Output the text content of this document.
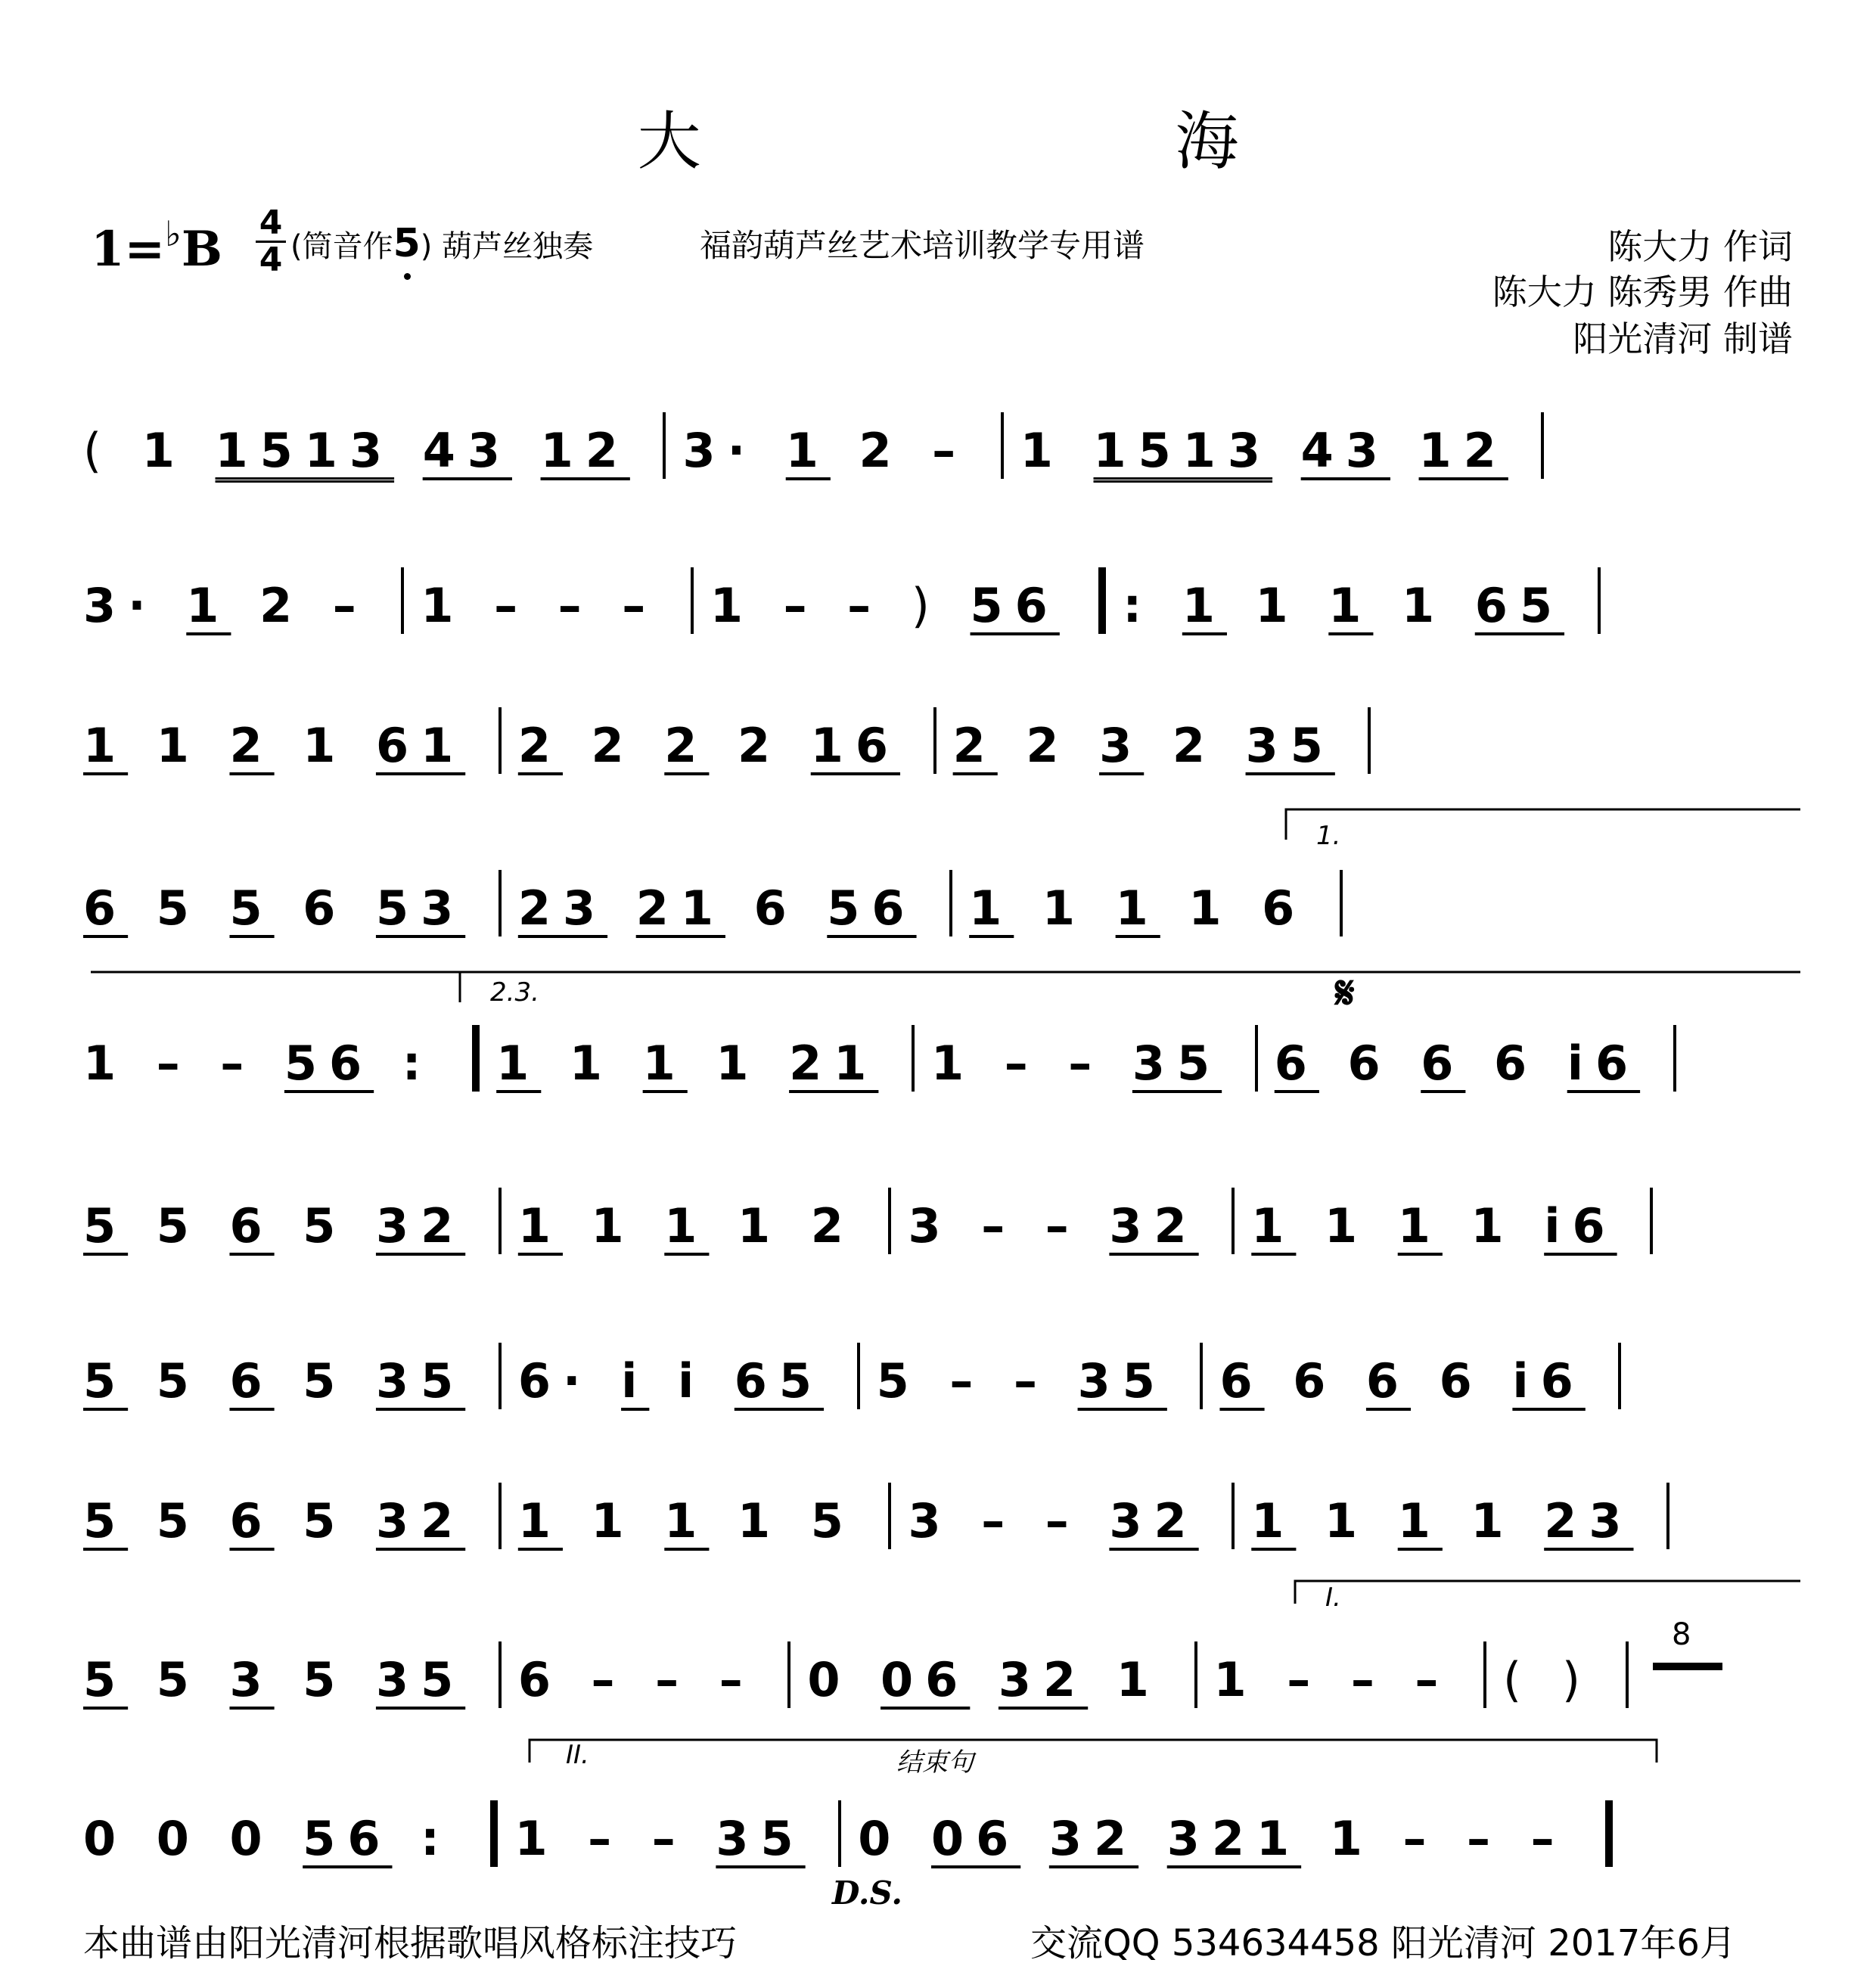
大 海
1=♭B 4
4 (筒音作5) 葫芦丝独奏	福韵葫芦丝艺术培训教学专用谱	陈大力 作词
陈大力 陈秀男 作曲
阳光清河 制谱
( 1 1513 43 12 3· 1 2 – 1 1513 43 12
3· 1 2 – 1 – – – 1 – – ) 56 : 1 1 1 1 65
1 1 2 1 61 2 2 2 2 16 2 2 3 2 35
6 5 5 6 53 23 21 6 56 1 1 1 1 6
1 – – 56 : 1 1 1 1 21 1 – – 35 6 6 6 6 i6
5 5 6 5 32 1 1 1 1 2 3 – – 32 1 1 1 1 i6
5 5 6 5 35 6· i i 65 5 – – 35 6 6 6 6 i6
5 5 6 5 32 1 1 1 1 5 3 – – 32 1 1 1 1 23
5 5 3 5 35 6 – – – 0 06 32 1 1 – – – ( )
0 0 0 56 : 1 – – 35 0 06 32 321 1 – – –
1.
2.3.
I.
II.	结束句
8
𝄋
D.S.
本曲谱由阳光清河根据歌唱风格标注技巧	交流QQ 534634458 阳光清河 2017年6月
